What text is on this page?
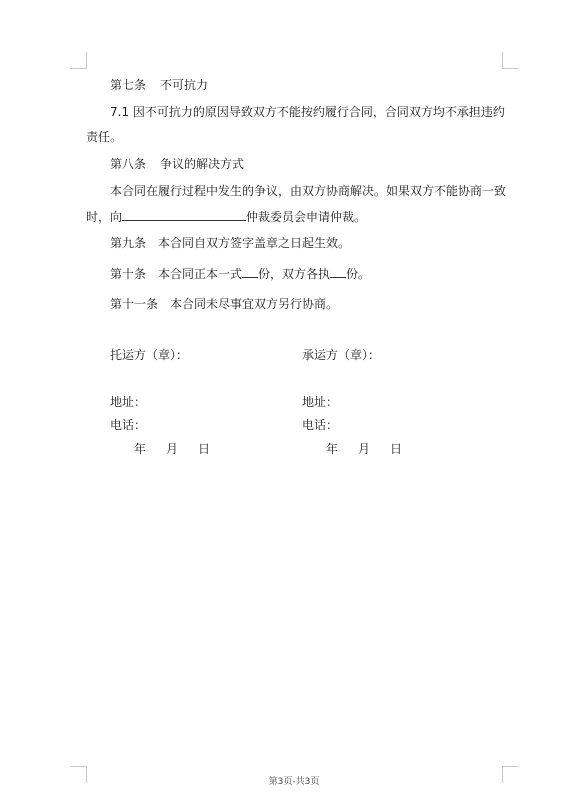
第七条 不可抗力
7.1 因不可抗力的原因导致双方不能按约履行合同，合同双方均不承担违约
责任。
第八条 争议的解决方式
本合同在履行过程中发生的争议，由双方协商解决。如果双方不能协商一致
时，向	仲裁委员会申请仲裁。
第九条 本合同自双方签字盖章之日起生效。
第十条 本合同正本一式 份，双方各执 份。
第十一条 本合同未尽事宜双方另行协商。
托运方（章）：
地址：
电话：
年 月 日
承运方（章）：
地址：
电话：
年 月 日
第3页-共3页
